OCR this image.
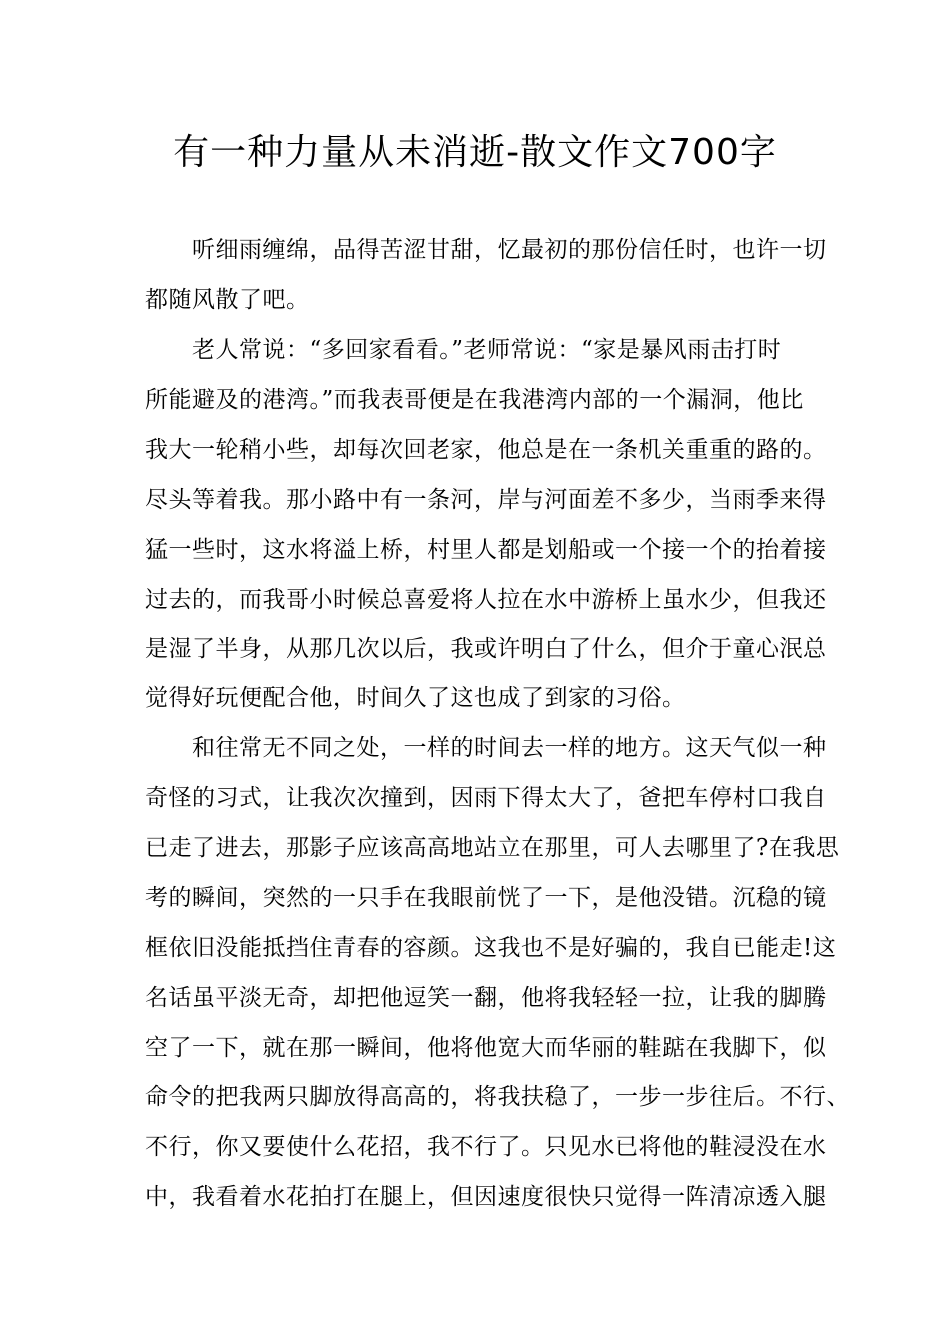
有一种力量从未消逝-散文作文700字
　　听细雨缠绵，品得苦涩甘甜，忆最初的那份信任时，也许一切
都随风散了吧。
　　老人常说：“多回家看看。”老师常说：“家是暴风雨击打时
所能避及的港湾。”而我表哥便是在我港湾内部的一个漏洞，他比
我大一轮稍小些，却每次回老家，他总是在一条机关重重的路的。
尽头等着我。那小路中有一条河，岸与河面差不多少，当雨季来得
猛一些时，这水将溢上桥，村里人都是划船或一个接一个的抬着接
过去的，而我哥小时候总喜爱将人拉在水中游桥上虽水少，但我还
是湿了半身，从那几次以后，我或许明白了什么，但介于童心泯总
觉得好玩便配合他，时间久了这也成了到家的习俗。
　　和往常无不同之处，一样的时间去一样的地方。这天气似一种
奇怪的习式，让我次次撞到，因雨下得太大了，爸把车停村口我自
已走了进去，那影子应该高高地站立在那里，可人去哪里了?在我思
考的瞬间，突然的一只手在我眼前恍了一下，是他没错。沉稳的镜
框依旧没能抵挡住青春的容颜。这我也不是好骗的，我自已能走!这
名话虽平淡无奇，却把他逗笑一翻，他将我轻轻一拉，让我的脚腾
空了一下，就在那一瞬间，他将他宽大而华丽的鞋踮在我脚下，似
命令的把我两只脚放得高高的，将我扶稳了，一步一步往后。不行、
不行，你又要使什么花招，我不行了。只见水已将他的鞋浸没在水
中，我看着水花拍打在腿上，但因速度很快只觉得一阵清凉透入腿
